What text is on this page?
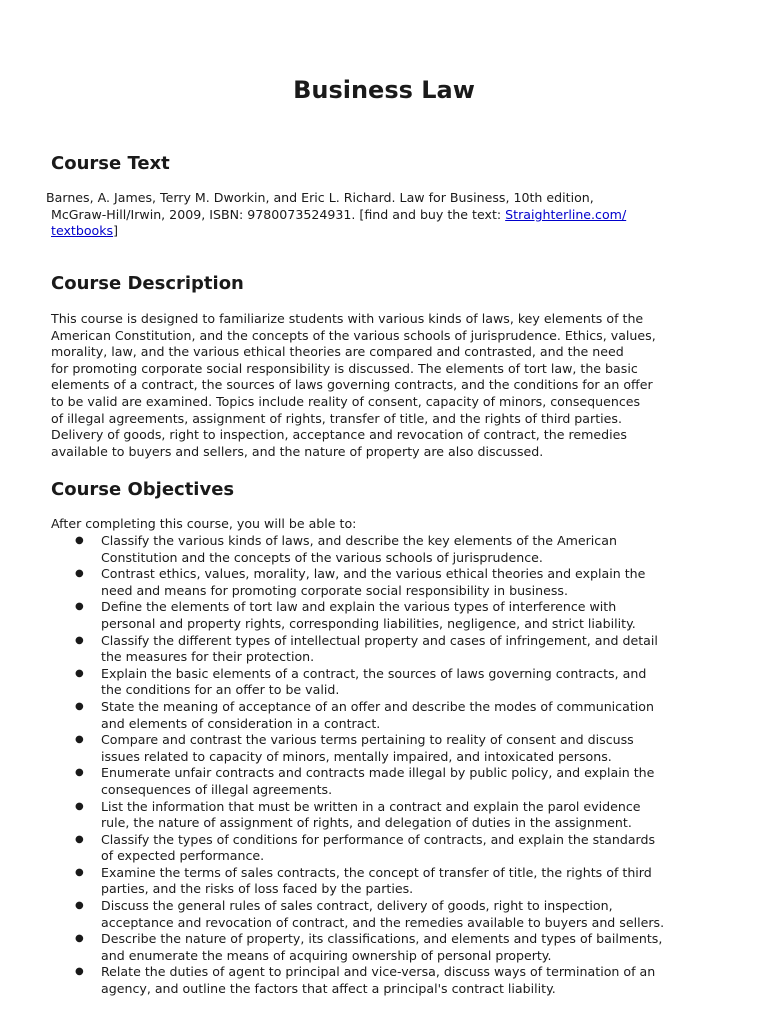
Business Law
Course Text

Barnes, A. James, Terry M. Dworkin, and Eric L. Richard. Law for Business, 10th edition,
McGraw-Hill/Irwin, 2009, ISBN: 9780073524931. [find and buy the text: Straighterline.com/
textbooks]

Course Description

This course is designed to familiarize students with various kinds of laws, key elements of the
American Constitution, and the concepts of the various schools of jurisprudence. Ethics, values,
morality, law, and the various ethical theories are compared and contrasted, and the need
for promoting corporate social responsibility is discussed. The elements of tort law, the basic
elements of a contract, the sources of laws governing contracts, and the conditions for an offer
to be valid are examined. Topics include reality of consent, capacity of minors, consequences
of illegal agreements, assignment of rights, transfer of title, and the rights of third parties.
Delivery of goods, right to inspection, acceptance and revocation of contract, the remedies
available to buyers and sellers, and the nature of property are also discussed.

Course Objectives

After completing this course, you will be able to:

● Classify the various kinds of laws, and describe the key elements of the American
Constitution and the concepts of the various schools of jurisprudence.
● Contrast ethics, values, morality, law, and the various ethical theories and explain the
need and means for promoting corporate social responsibility in business.
● Define the elements of tort law and explain the various types of interference with
personal and property rights, corresponding liabilities, negligence, and strict liability.
● Classify the different types of intellectual property and cases of infringement, and detail
the measures for their protection.
● Explain the basic elements of a contract, the sources of laws governing contracts, and
the conditions for an offer to be valid.
● State the meaning of acceptance of an offer and describe the modes of communication
and elements of consideration in a contract.
● Compare and contrast the various terms pertaining to reality of consent and discuss
issues related to capacity of minors, mentally impaired, and intoxicated persons.
● Enumerate unfair contracts and contracts made illegal by public policy, and explain the
consequences of illegal agreements.
● List the information that must be written in a contract and explain the parol evidence
rule, the nature of assignment of rights, and delegation of duties in the assignment.
● Classify the types of conditions for performance of contracts, and explain the standards
of expected performance.
● Examine the terms of sales contracts, the concept of transfer of title, the rights of third
parties, and the risks of loss faced by the parties.
● Discuss the general rules of sales contract, delivery of goods, right to inspection,
acceptance and revocation of contract, and the remedies available to buyers and sellers.
● Describe the nature of property, its classifications, and elements and types of bailments,
and enumerate the means of acquiring ownership of personal property.
● Relate the duties of agent to principal and vice-versa, discuss ways of termination of an
agency, and outline the factors that affect a principal's contract liability.
